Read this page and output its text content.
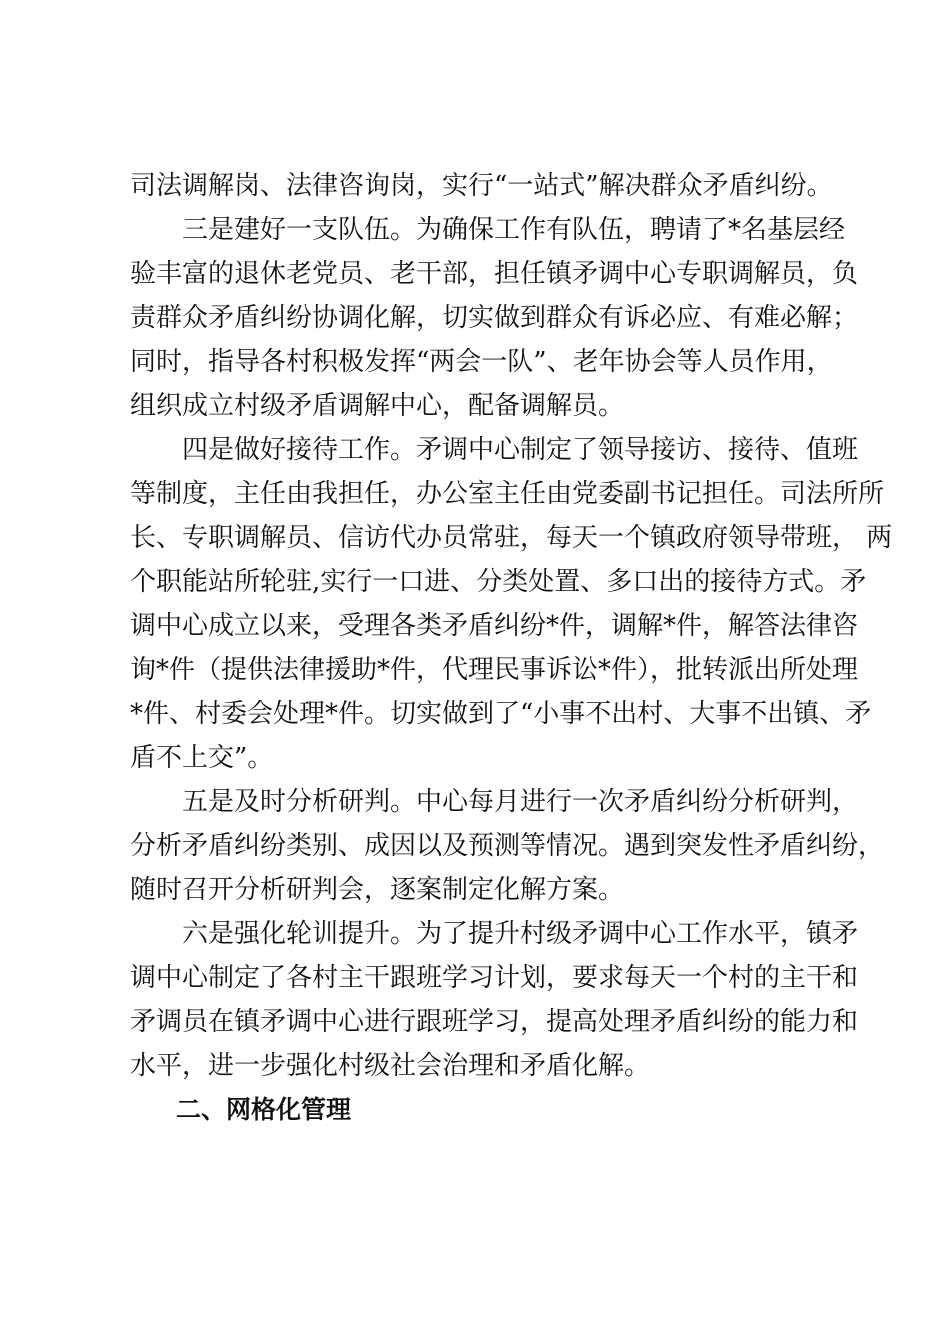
司法调解岗、法律咨询岗，实行“一站式”解决群众矛盾纠纷。
三是建好一支队伍。为确保工作有队伍，聘请了*名基层经
验丰富的退休老党员、老干部，担任镇矛调中心专职调解员，负
责群众矛盾纠纷协调化解，切实做到群众有诉必应、有难必解；
同时，指导各村积极发挥“两会一队”、老年协会等人员作用，
组织成立村级矛盾调解中心，配备调解员。
四是做好接待工作。矛调中心制定了领导接访、接待、值班
等制度，主任由我担任，办公室主任由党委副书记担任。司法所所
长、专职调解员、信访代办员常驻，每天一个镇政府领导带班， 两
个职能站所轮驻,实行一口进、分类处置、多口出的接待方式。矛
调中心成立以来，受理各类矛盾纠纷*件，调解*件，解答法律咨
询*件（提供法律援助*件，代理民事诉讼*件），批转派出所处理
*件、村委会处理*件。切实做到了“小事不出村、大事不出镇、矛
盾不上交”。
五是及时分析研判。中心每月进行一次矛盾纠纷分析研判，
分析矛盾纠纷类别、成因以及预测等情况。遇到突发性矛盾纠纷，
随时召开分析研判会，逐案制定化解方案。
六是强化轮训提升。为了提升村级矛调中心工作水平，镇矛
调中心制定了各村主干跟班学习计划，要求每天一个村的主干和
矛调员在镇矛调中心进行跟班学习，提高处理矛盾纠纷的能力和
水平，进一步强化村级社会治理和矛盾化解。
二、网格化管理
